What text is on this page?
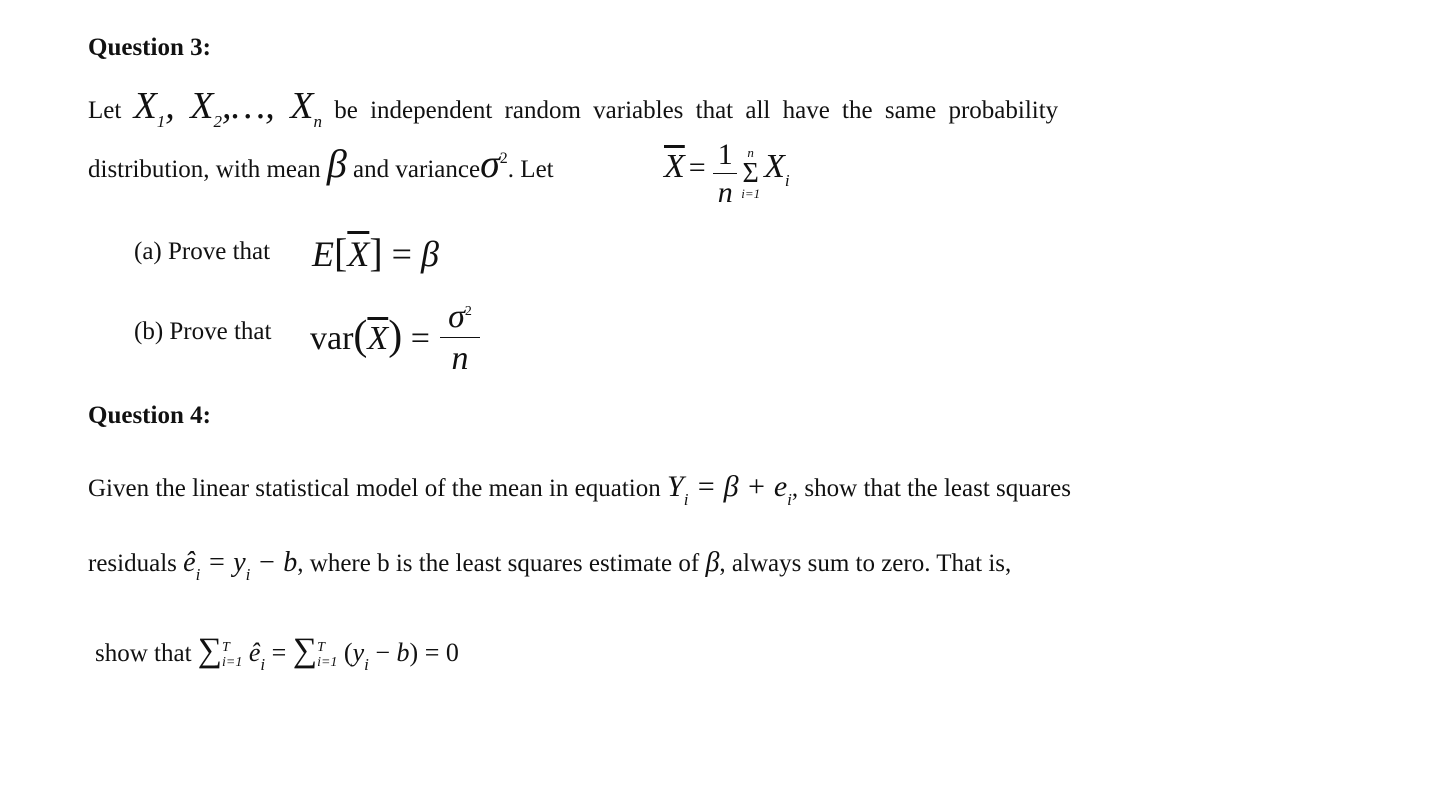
Question 3:
Let $X_1$, $X_2,\dots$, $X_n$ be independent random variables that all have the same probability
distribution, with mean β and varianceσ$^2$. Let	$\overline{X} = \frac{1}{n}$
n
Σ
i=1
$X_i$
(a) Prove that $E[\overline{X}] = \beta$
(b) Prove that $var(\overline{X}) = \frac{\sigma^2}{n}$
Question 4:
Given the linear statistical model of the mean in equation $Y_i = \beta + e_i$, show that the least squares
residuals $ê_i = y_i - b$, where b is the least squares estimate of β, always sum to zero. That is,
show that ∑ T
i=1 $ê_i$ = ∑ T
i=1 $(y_i - b) = 0$
